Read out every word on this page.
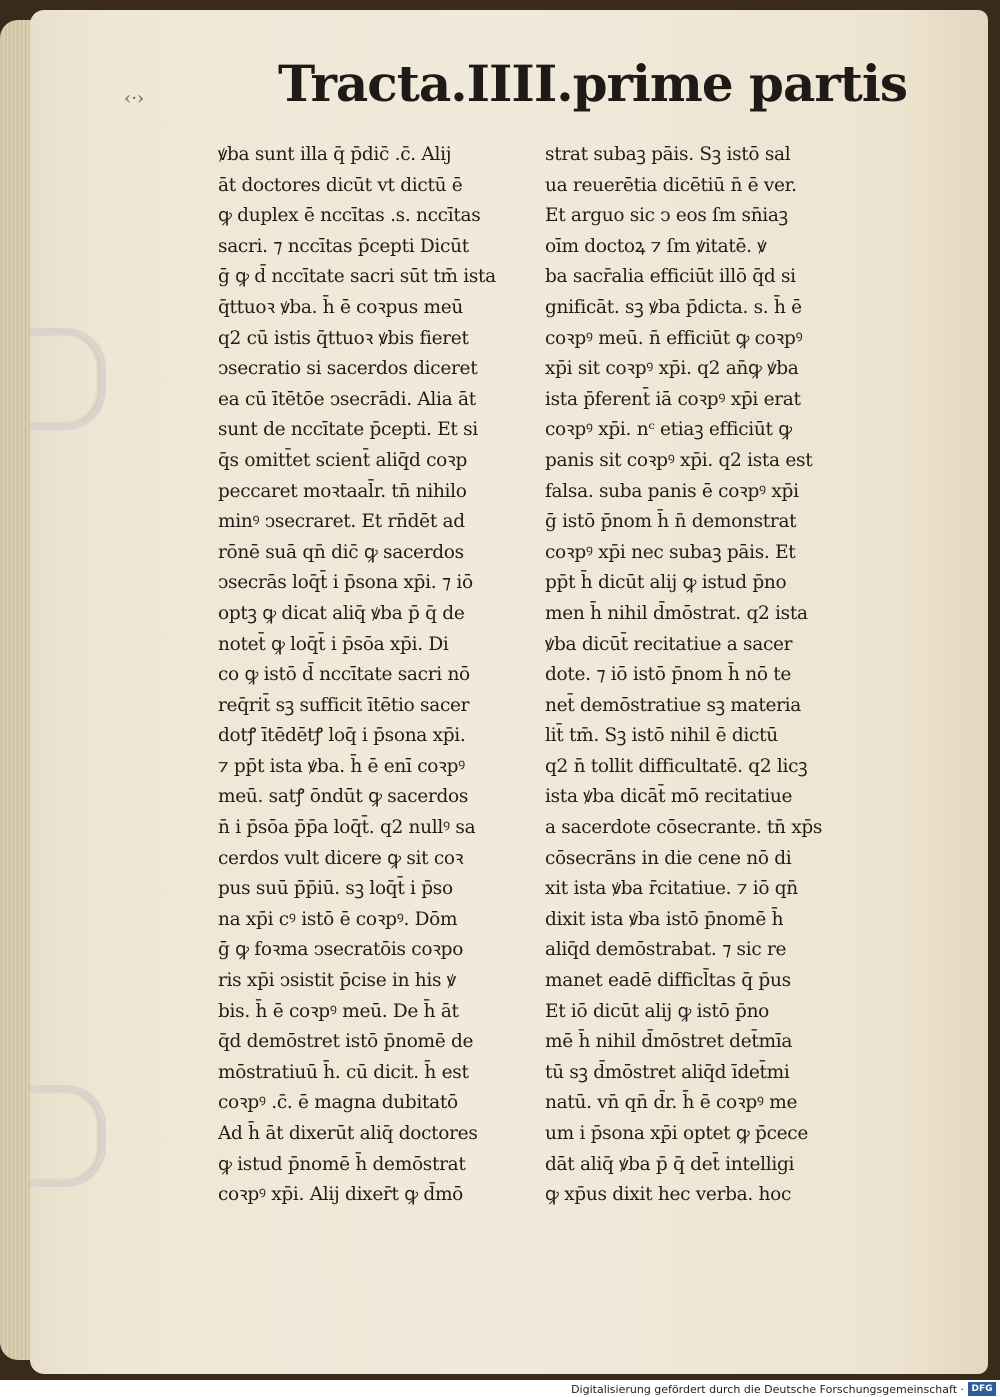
‹·›	Tracta.IIII.prime partis
ꝟba sunt illa q̄ p̄dic̄ .c̄. Alij
āt doctores dicūt vt dictū ē
ꝙ duplex ē nccītas .s. nccītas
sacri. ⁊ nccītas p̄cepti Dicūt
ḡ ꝙ d̄ nccītate sacri sūt tm̄ ista
q̄ttuoꝛ ꝟba. h̄ ē coꝛpus meū
q2 cū istis q̄ttuoꝛ ꝟbis fieret
ↄsecratio si sacerdos diceret
ea cū ītētōe ↄsecrādi. Alia āt
sunt de nccītate p̄cepti. Et si
q̄s omitt̄et scient̄ aliq̄d coꝛp
peccaret moꝛtaal̄r. tn̄ nihilo
minꝰ ↄsecraret. Et rn̄dēt ad
rōnē suā qn̄ dic̄ ꝙ sacerdos
ↄsecrās loq̄t̄ i p̄sona xp̄i. ⁊ iō
optꝫ ꝙ dicat aliq̄ ꝟba p̄ q̄ de
notet̄ ꝙ loq̄t̄ i p̄sōa xp̄i. Di
co ꝙ istō d̄ nccītate sacri nō
req̄rit̄ sꝫ sufficit ītētio sacer
dotꝭ ītēdētꝭ loq̄ i p̄sona xp̄i.
⁊ pp̄t ista ꝟba. h̄ ē enī coꝛpꝰ
meū. satꝭ ōndūt ꝙ sacerdos
n̄ i p̄sōa p̄p̄a loq̄t̄. q2 nullꝰ sa
cerdos vult dicere ꝙ sit coꝛ
pus suū p̄p̄iū. sꝫ loq̄t̄ i p̄so
na xp̄i cꝰ istō ē coꝛpꝰ. Dōm
ḡ ꝙ foꝛma ↄsecratōis coꝛpo
ris xp̄i ↄsistit p̄cise in his ꝟ
bis. h̄ ē coꝛpꝰ meū. De h̄ āt
q̄d demōstret istō p̄nomē de
mōstratiuū h̄. cū dicit. h̄ est
coꝛpꝰ .c̄. ē magna dubitatō
Ad h̄ āt dixerūt aliq̄ doctores
ꝙ istud p̄nomē h̄ demōstrat
coꝛpꝰ xp̄i. Alij dixer̄t ꝙ d̄mō
strat subaꝫ pāis. Sꝫ istō sal
ua reuerētia dicētiū n̄ ē ver.
Et arguo sic ↄ eos ſm sn̄iaꝫ
oīm doctoꝝ ⁊ ſm ꝟitatē. ꝟ
ba sacr̄alia efficiūt illō q̄d si
gnificāt. sꝫ ꝟba p̄dicta. s. h̄ ē
coꝛpꝰ meū. n̄ efficiūt ꝙ coꝛpꝰ
xp̄i sit coꝛpꝰ xp̄i. q2 an̄ꝙ ꝟba
ista p̄ferent̄ iā coꝛpꝰ xp̄i erat
coꝛpꝰ xp̄i. nᶜ etiaꝫ efficiūt ꝙ
panis sit coꝛpꝰ xp̄i. q2 ista est
falsa. suba panis ē coꝛpꝰ xp̄i
ḡ istō p̄nom h̄ n̄ demonstrat
coꝛpꝰ xp̄i nec subaꝫ pāis. Et
pp̄t h̄ dicūt alij ꝙ istud p̄no
men h̄ nihil d̄mōstrat. q2 ista
ꝟba dicūt̄ recitatiue a sacer
dote. ⁊ iō istō p̄nom h̄ nō te
net̄ demōstratiue sꝫ materia
lit̄ tm̄. Sꝫ istō nihil ē dictū
q2 n̄ tollit difficultatē. q2 licꝫ
ista ꝟba dicāt̄ mō recitatiue
a sacerdote cōsecrante. tn̄ xp̄s
cōsecrāns in die cene nō di
xit ista ꝟba r̄citatiue. ⁊ iō qn̄
dixit ista ꝟba istō p̄nomē h̄
aliq̄d demōstrabat. ⁊ sic re
manet eadē difficl̄tas q̄ p̄us
Et iō dicūt alij ꝙ istō p̄no
mē h̄ nihil d̄mōstret det̄mīa
tū sꝫ d̄mōstret aliq̄d īdet̄mi
natū. vn̄ qn̄ d̄r. h̄ ē coꝛpꝰ me
um i p̄sona xp̄i optet ꝙ p̄cece
dāt aliq̄ ꝟba p̄ q̄ det̄ intelligi
ꝙ xp̄us dixit hec verba. hoc
Digitalisierung gefördert durch die Deutsche Forschungsgemeinschaft · DFG
